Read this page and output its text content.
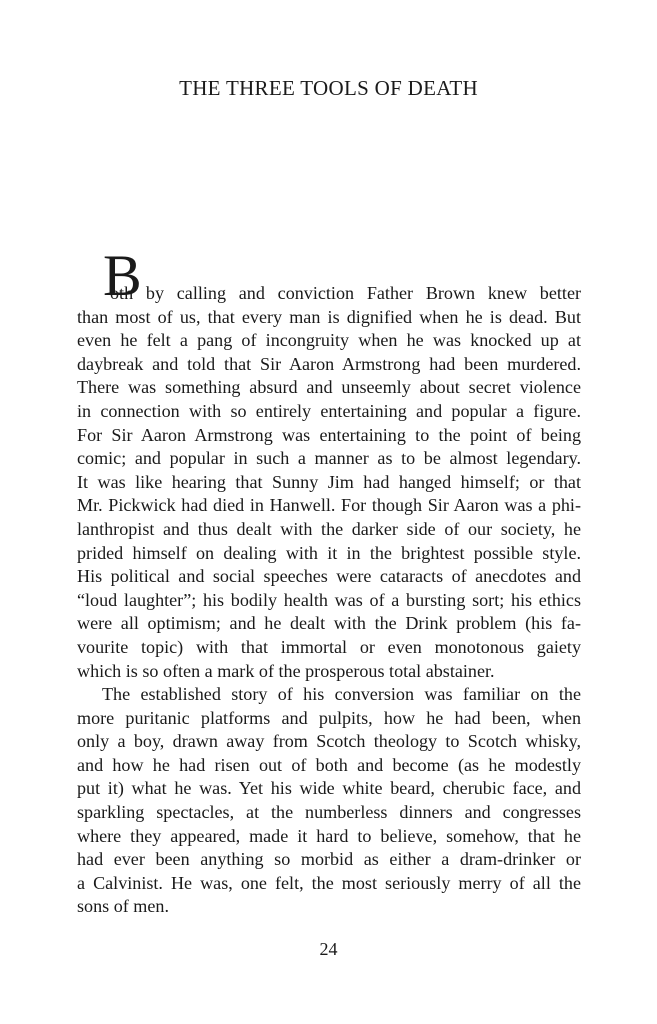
THE THREE TOOLS OF DEATH
B
oth by calling and conviction Father Brown knew better
than most of us, that every man is dignified when he is dead. But
even he felt a pang of incongruity when he was knocked up at
daybreak and told that Sir Aaron Armstrong had been murdered.
There was something absurd and unseemly about secret violence
in connection with so entirely entertaining and popular a figure.
For Sir Aaron Armstrong was entertaining to the point of being
comic; and popular in such a manner as to be almost legendary.
It was like hearing that Sunny Jim had hanged himself; or that
Mr. Pickwick had died in Hanwell. For though Sir Aaron was a phi-
lanthropist and thus dealt with the darker side of our society, he
prided himself on dealing with it in the brightest possible style.
His political and social speeches were cataracts of anecdotes and
“loud laughter”; his bodily health was of a bursting sort; his ethics
were all optimism; and he dealt with the Drink problem (his fa-
vourite topic) with that immortal or even monotonous gaiety
which is so often a mark of the prosperous total abstainer.
The established story of his conversion was familiar on the
more puritanic platforms and pulpits, how he had been, when
only a boy, drawn away from Scotch theology to Scotch whisky,
and how he had risen out of both and become (as he modestly
put it) what he was. Yet his wide white beard, cherubic face, and
sparkling spectacles, at the numberless dinners and congresses
where they appeared, made it hard to believe, somehow, that he
had ever been anything so morbid as either a dram-drinker or
a Calvinist. He was, one felt, the most seriously merry of all the
sons of men.
24
